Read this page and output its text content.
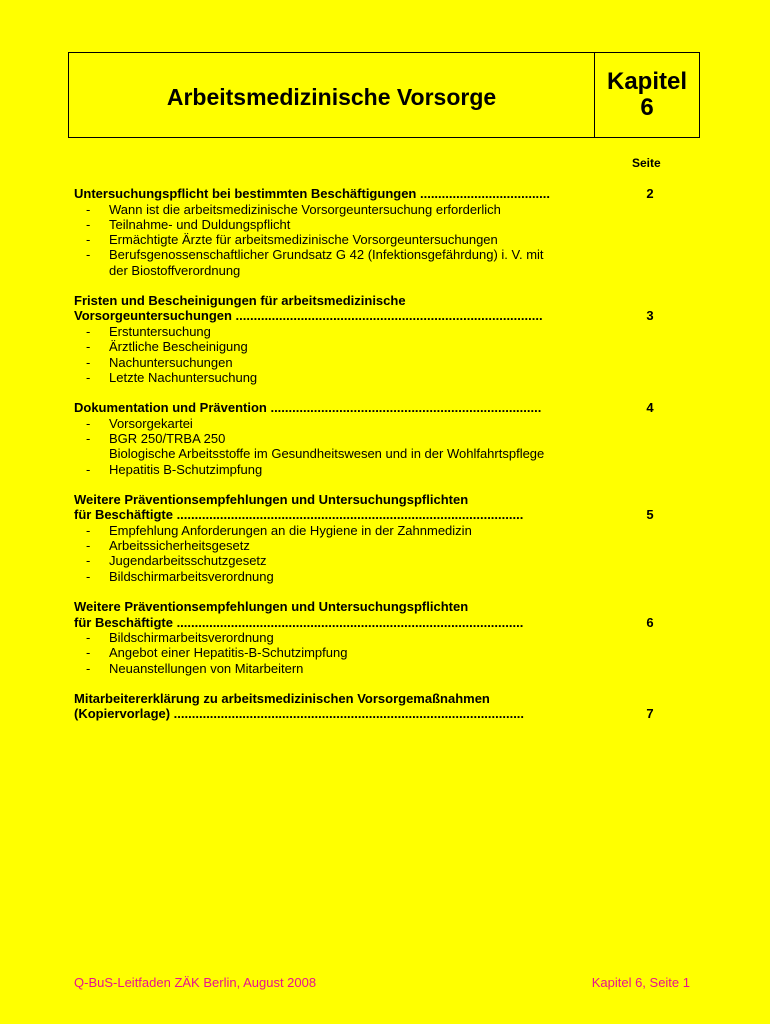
Arbeitsmedizinische Vorsorge
Kapitel
6
Seite
Untersuchungspflicht bei bestimmten Beschäftigungen ....................................	2
- Wann ist die arbeitsmedizinische Vorsorgeuntersuchung erforderlich
- Teilnahme- und Duldungspflicht
- Ermächtigte Ärzte für arbeitsmedizinische Vorsorgeuntersuchungen
- Berufsgenossenschaftlicher Grundsatz G 42 (Infektionsgefährdung) i. V. mit
der Biostoffverordnung
Fristen und Bescheinigungen für arbeitsmedizinische
Vorsorgeuntersuchungen .....................................................................................	3
- Erstuntersuchung
- Ärztliche Bescheinigung
- Nachuntersuchungen
- Letzte Nachuntersuchung
Dokumentation und Prävention ...........................................................................	4
- Vorsorgekartei
- BGR 250/TRBA 250
Biologische Arbeitsstoffe im Gesundheitswesen und in der Wohlfahrtspflege
- Hepatitis B-Schutzimpfung
Weitere Präventionsempfehlungen und Untersuchungspflichten
für Beschäftigte ................................................................................................	5
- Empfehlung Anforderungen an die Hygiene in der Zahnmedizin
- Arbeitssicherheitsgesetz
- Jugendarbeitsschutzgesetz
- Bildschirmarbeitsverordnung
Weitere Präventionsempfehlungen und Untersuchungspflichten
für Beschäftigte ................................................................................................	6
- Bildschirmarbeitsverordnung
- Angebot einer Hepatitis-B-Schutzimpfung
- Neuanstellungen von Mitarbeitern
Mitarbeitererklärung zu arbeitsmedizinischen Vorsorgemaßnahmen
(Kopiervorlage) .................................................................................................	7
Q-BuS-Leitfaden ZÄK Berlin, August 2008	Kapitel 6, Seite 1
